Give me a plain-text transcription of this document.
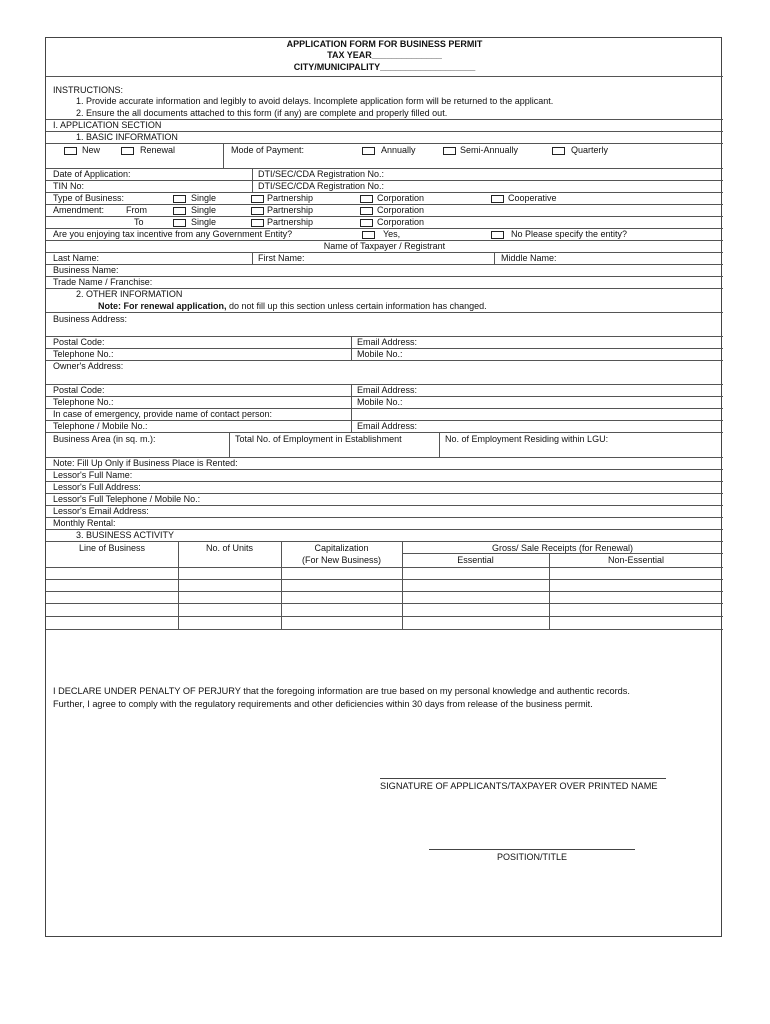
APPLICATION FORM FOR BUSINESS PERMIT
TAX YEAR______________
CITY/MUNICIPALITY___________________
INSTRUCTIONS:
1. Provide accurate information and legibly to avoid delays. Incomplete application form will be returned to the applicant.
2. Ensure the all documents attached to this form (if any) are complete and properly filled out.
I. APPLICATION SECTION
1. BASIC INFORMATION
New	Renewal	Mode of Payment:	Annually	Semi-Annually	Quarterly
Date of Application:	DTI/SEC/CDA Registration No.:
TIN No:	DTI/SEC/CDA Registration No.:
Type of Business:	Single	Partnership	Corporation	Cooperative
Amendment: From	Single	Partnership	Corporation
To	Single	Partnership	Corporation
Are you enjoying tax incentive from any Government Entity?	Yes,	No Please specify the entity?
Name of Taxpayer / Registrant
Last Name:	First Name:	Middle Name:
Business Name:
Trade Name / Franchise:
2. OTHER INFORMATION
Note: For renewal application, do not fill up this section unless certain information has changed.
Business Address:
Postal Code:	Email Address:
Telephone No.:	Mobile No.:
Owner's Address:
Postal Code:	Email Address:
Telephone No.:	Mobile No.:
In case of emergency, provide name of contact person:
Telephone / Mobile No.:	Email Address:
Business Area (in sq. m.):	Total No. of Employment in Establishment	No. of Employment Residing within LGU:
Note: Fill Up Only if Business Place is Rented:
Lessor's Full Name:
Lessor's Full Address:
Lessor's Full Telephone / Mobile No.:
Lessor's Email Address:
Monthly Rental:
3. BUSINESS ACTIVITY
Line of Business	No. of Units	Capitalization
(For New Business)
Gross/ Sale Receipts (for Renewal)
Essential	Non-Essential
I DECLARE UNDER PENALTY OF PERJURY that the foregoing information are true based on my personal knowledge and authentic records.
Further, I agree to comply with the regulatory requirements and other deficiencies within 30 days from release of the business permit.
SIGNATURE OF APPLICANTS/TAXPAYER OVER PRINTED NAME
POSITION/TITLE
